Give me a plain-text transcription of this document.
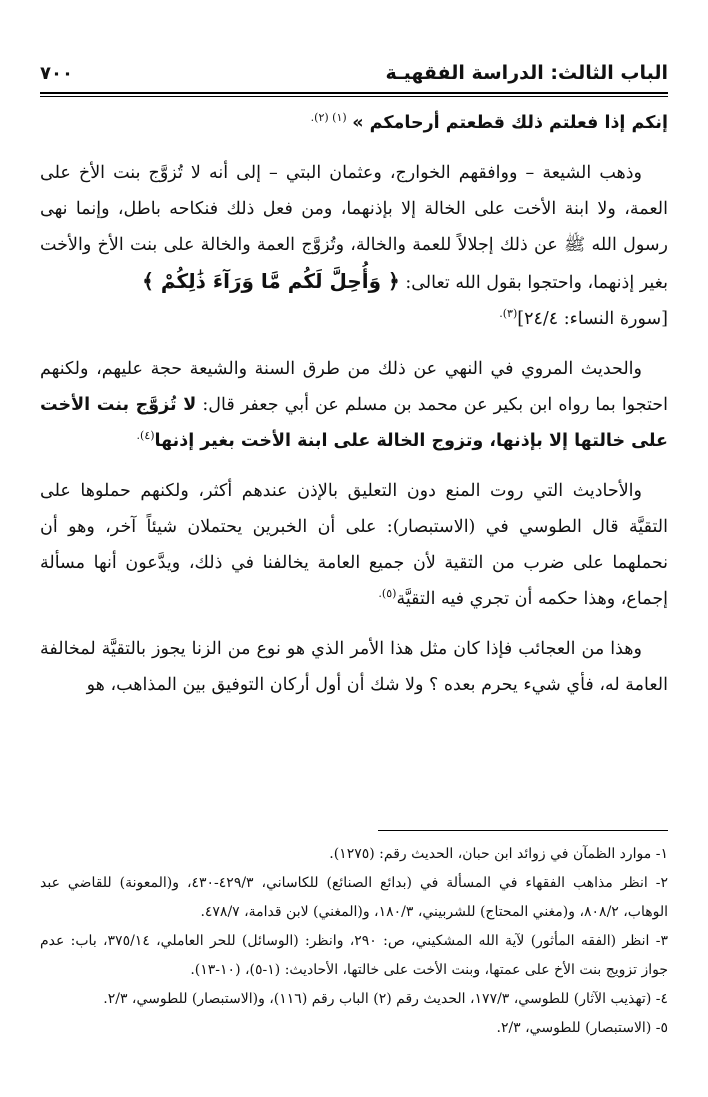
الباب الثالث: الدراسة الفقهيـة
٧٠٠

إنكم إذا فعلتم ذلك قطعتم أرحامكم » $^{(١) (٢).}$

وذهب الشيعة – ووافقهم الخوارج، وعثمان البتي – إلى أنه لا تُزوَّج بنت الأخ على العمة، ولا ابنة الأخت على الخالة إلا بإذنهما، ومن فعل ذلك فنكاحه باطل، وإنما نهى رسول الله ﷺ عن ذلك إجلالاً للعمة والخالة، وتُزوَّج العمة والخالة على بنت الأخ والأخت بغير إذنهما، واحتجوا بقول الله تعالى: ﴿ وَأُحِلَّ لَكُم مَّا وَرَآءَ ذَٰلِكُمْ ﴾
[سورة النساء: ٢٤/٤]$^{(٣).}$

والحديث المروي في النهي عن ذلك من طرق السنة والشيعة حجة عليهم، ولكنهم احتجوا بما رواه ابن بكير عن محمد بن مسلم عن أبي جعفر قال: لا تُزوَّج بنت الأخت على خالتها إلا بإذنها، وتزوج الخالة على ابنة الأخت بغير إذنها$^{(٤).}$

والأحاديث التي روت المنع دون التعليق بالإذن عندهم أكثر، ولكنهم حملوها على التقيَّة قال الطوسي في (الاستبصار): على أن الخبرين يحتملان شيئاً آخر، وهو أن نحملهما على ضرب من التقية لأن جميع العامة يخالفنا في ذلك، ويدَّعون أنها مسألة إجماع، وهذا حكمه أن تجري فيه التقيَّة$^{(٥).}$

وهذا من العجائب فإذا كان مثل هذا الأمر الذي هو نوع من الزنا يجوز بالتقيَّة لمخالفة العامة له، فأي شيء يحرم بعده ؟ ولا شك أن أول أركان التوفيق بين المذاهب، هو

١- موارد الظمآن في زوائد ابن حبان، الحديث رقم: (١٢٧٥).

٢- انظر مذاهب الفقهاء في المسألة في (بدائع الصنائع) للكاساني، ٤٢٩/٣-٤٣٠، و(المعونة) للقاضي عبد الوهاب، ٨٠٨/٢، و(مغني المحتاج) للشربيني، ١٨٠/٣، و(المغني) لابن قدامة، ٤٧٨/٧.

٣- انظر (الفقه المأثور) لآية الله المشكيني، ص: ٢٩٠، وانظر: (الوسائل) للحر العاملي، ٣٧٥/١٤، باب: عدم جواز تزويج بنت الأخ على عمتها، وبنت الأخت على خالتها، الأحاديث: (١-٥)، (١٠-١٣).

٤- (تهذيب الآثار) للطوسي، ١٧٧/٣، الحديث رقم (٢) الباب رقم (١١٦)، و(الاستبصار) للطوسي، ٢/٣.

٥- (الاستبصار) للطوسي، ٢/٣.
